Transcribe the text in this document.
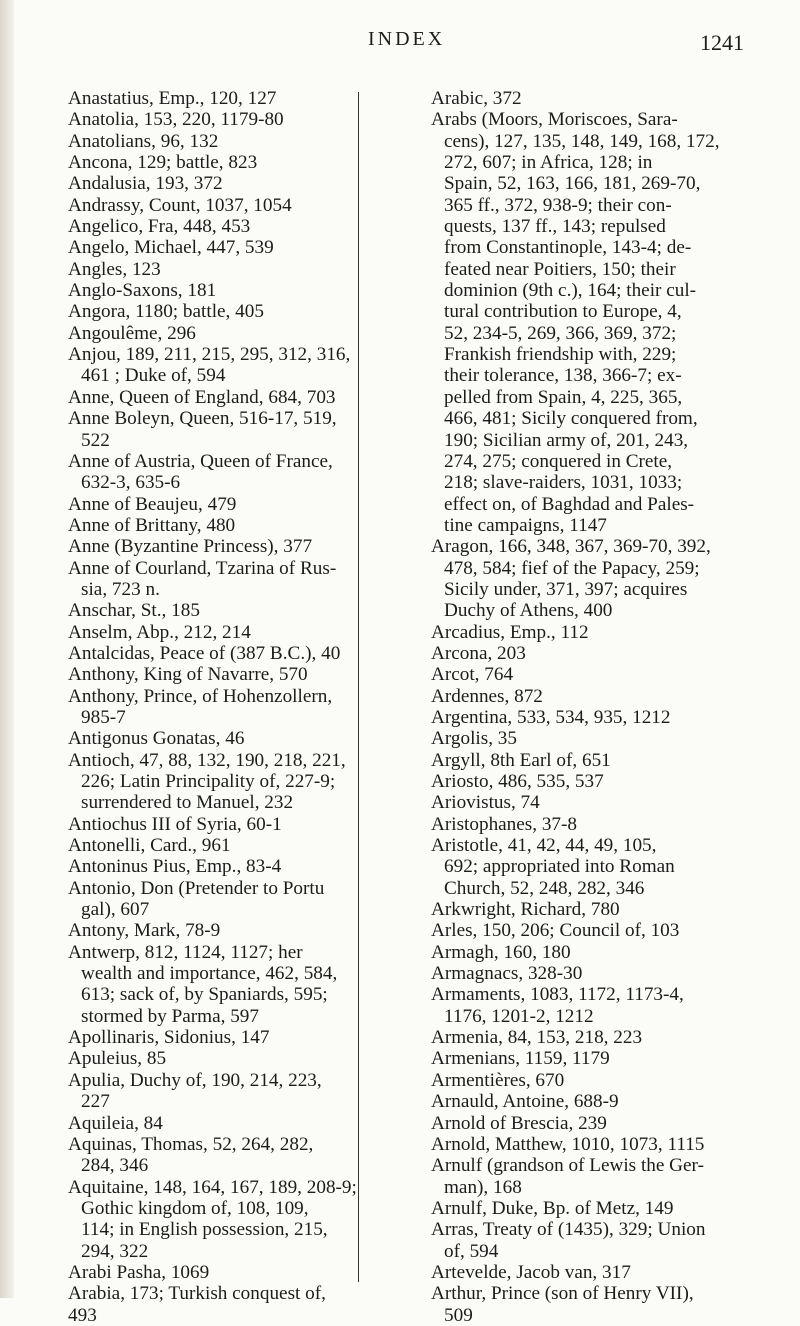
INDEX	1241
Anastatius, Emp., 120, 127
Anatolia, 153, 220, 1179-80
Anatolians, 96, 132
Ancona, 129; battle, 823
Andalusia, 193, 372
Andrassy, Count, 1037, 1054
Angelico, Fra, 448, 453
Angelo, Michael, 447, 539
Angles, 123
Anglo-Saxons, 181
Angora, 1180; battle, 405
Angoulême, 296
Anjou, 189, 211, 215, 295, 312, 316,
461 ; Duke of, 594
Anne, Queen of England, 684, 703
Anne Boleyn, Queen, 516-17, 519,
522
Anne of Austria, Queen of France,
632-3, 635-6
Anne of Beaujeu, 479
Anne of Brittany, 480
Anne (Byzantine Princess), 377
Anne of Courland, Tzarina of Rus-
sia, 723 n.
Anschar, St., 185
Anselm, Abp., 212, 214
Antalcidas, Peace of (387 B.C.), 40
Anthony, King of Navarre, 570
Anthony, Prince, of Hohenzollern,
985-7
Antigonus Gonatas, 46
Antioch, 47, 88, 132, 190, 218, 221,
226; Latin Principality of, 227-9;
surrendered to Manuel, 232
Antiochus III of Syria, 60-1
Antonelli, Card., 961
Antoninus Pius, Emp., 83-4
Antonio, Don (Pretender to Portu
gal), 607
Antony, Mark, 78-9
Antwerp, 812, 1124, 1127; her
wealth and importance, 462, 584,
613; sack of, by Spaniards, 595;
stormed by Parma, 597
Apollinaris, Sidonius, 147
Apuleius, 85
Apulia, Duchy of, 190, 214, 223,
227
Aquileia, 84
Aquinas, Thomas, 52, 264, 282,
284, 346
Aquitaine, 148, 164, 167, 189, 208-9;
Gothic kingdom of, 108, 109,
114; in English possession, 215,
294, 322
Arabi Pasha, 1069
Arabia, 173; Turkish conquest of,
493
Arabic, 372
Arabs (Moors, Moriscoes, Sara-
cens), 127, 135, 148, 149, 168, 172,
272, 607; in Africa, 128; in
Spain, 52, 163, 166, 181, 269-70,
365 ff., 372, 938-9; their con-
quests, 137 ff., 143; repulsed
from Constantinople, 143-4; de-
feated near Poitiers, 150; their
dominion (9th c.), 164; their cul-
tural contribution to Europe, 4,
52, 234-5, 269, 366, 369, 372;
Frankish friendship with, 229;
their tolerance, 138, 366-7; ex-
pelled from Spain, 4, 225, 365,
466, 481; Sicily conquered from,
190; Sicilian army of, 201, 243,
274, 275; conquered in Crete,
218; slave-raiders, 1031, 1033;
effect on, of Baghdad and Pales-
tine campaigns, 1147
Aragon, 166, 348, 367, 369-70, 392,
478, 584; fief of the Papacy, 259;
Sicily under, 371, 397; acquires
Duchy of Athens, 400
Arcadius, Emp., 112
Arcona, 203
Arcot, 764
Ardennes, 872
Argentina, 533, 534, 935, 1212
Argolis, 35
Argyll, 8th Earl of, 651
Ariosto, 486, 535, 537
Ariovistus, 74
Aristophanes, 37-8
Aristotle, 41, 42, 44, 49, 105,
692; appropriated into Roman
Church, 52, 248, 282, 346
Arkwright, Richard, 780
Arles, 150, 206; Council of, 103
Armagh, 160, 180
Armagnacs, 328-30
Armaments, 1083, 1172, 1173-4,
1176, 1201-2, 1212
Armenia, 84, 153, 218, 223
Armenians, 1159, 1179
Armentières, 670
Arnauld, Antoine, 688-9
Arnold of Brescia, 239
Arnold, Matthew, 1010, 1073, 1115
Arnulf (grandson of Lewis the Ger-
man), 168
Arnulf, Duke, Bp. of Metz, 149
Arras, Treaty of (1435), 329; Union
of, 594
Artevelde, Jacob van, 317
Arthur, Prince (son of Henry VII),
509
